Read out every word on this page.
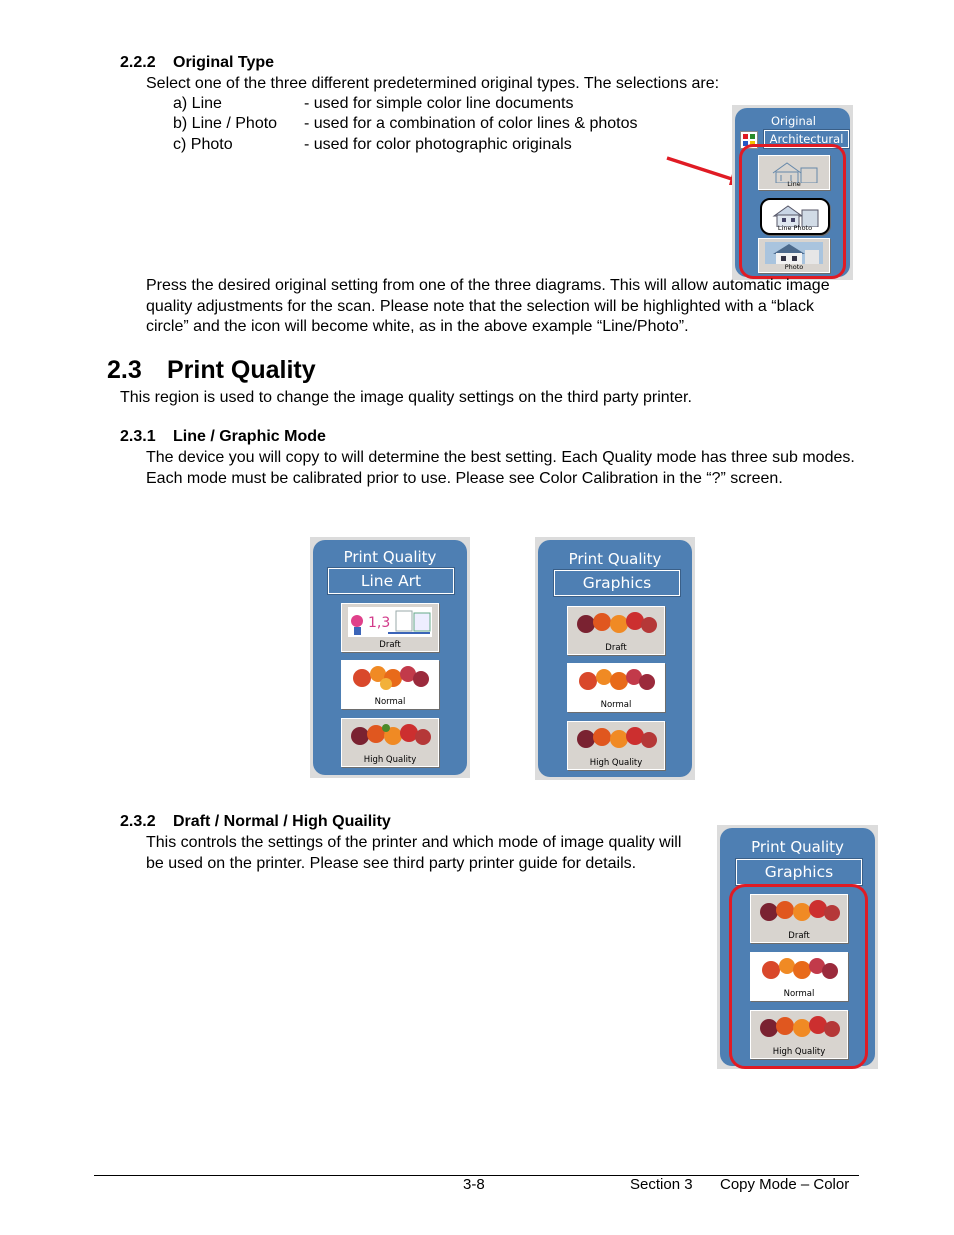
2.2.2 Original Type
Select one of the three different predetermined original types. The selections are:
a) Line	- used for simple color line documents
b) Line / Photo - used for a combination of color lines & photos
c) Photo	- used for color photographic originals
Original
Architectural
Line
Line Photo
Photo
Press the desired original setting from one of the three diagrams. This will allow automatic image quality adjustments for the scan. Please note that the selection will be highlighted with a “black circle” and the icon will become white, as in the above example “Line/Photo”.
2.3 Print Quality
This region is used to change the image quality settings on the third party printer.
2.3.1 Line / Graphic Mode
The device you will copy to will determine the best setting. Each Quality mode has three sub modes. Each mode must be calibrated prior to use. Please see Color Calibration in the “?” screen.
Print Quality
Line Art
1,3
Draft
Normal
High Quality
Print Quality
Graphics
Draft
Normal
High Quality
2.3.2 Draft / Normal / High Quaility
This controls the settings of the printer and which mode of image quality will be used on the printer. Please see third party printer guide for details.
Print Quality
Graphics
Draft
Normal
High Quality
3-8	Section 3 Copy Mode – Color
